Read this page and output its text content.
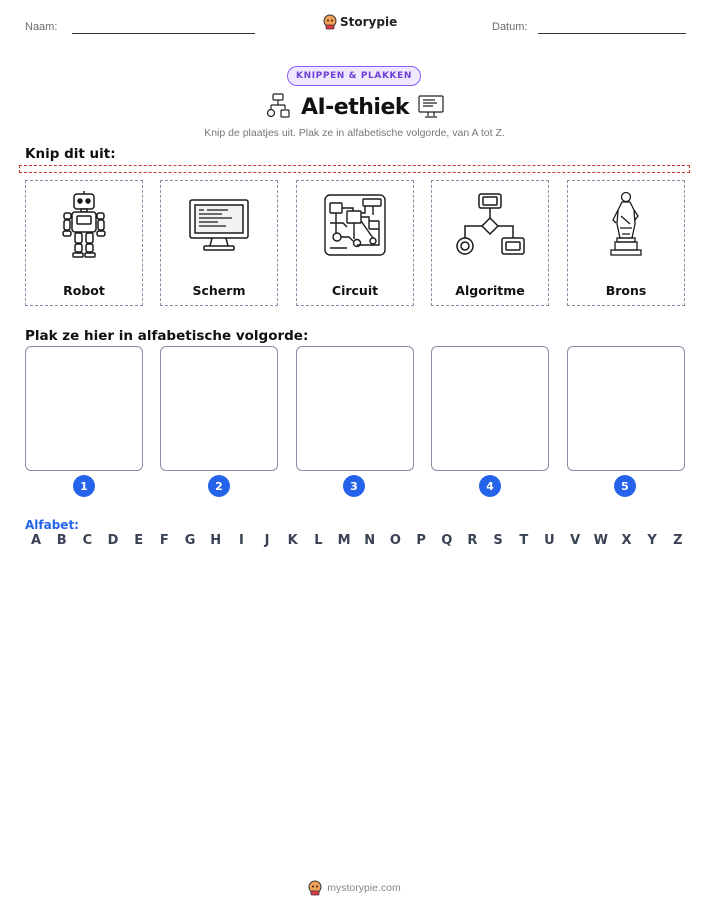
Naam:	Storypie	Datum:
KNIPPEN & PLAKKEN
AI-ethiek
Knip de plaatjes uit. Plak ze in alfabetische volgorde, van A tot Z.
Knip dit uit:
Robot	Scherm	Circuit	Algoritme	Brons
Plak ze hier in alfabetische volgorde:
1	2	3	4	5
Alfabet:
A	B	C	D	E	F	G H	I	J	K	L	M N O	P	Q	R	S	T	U	V	W	X	Y	Z
mystorypie.com
